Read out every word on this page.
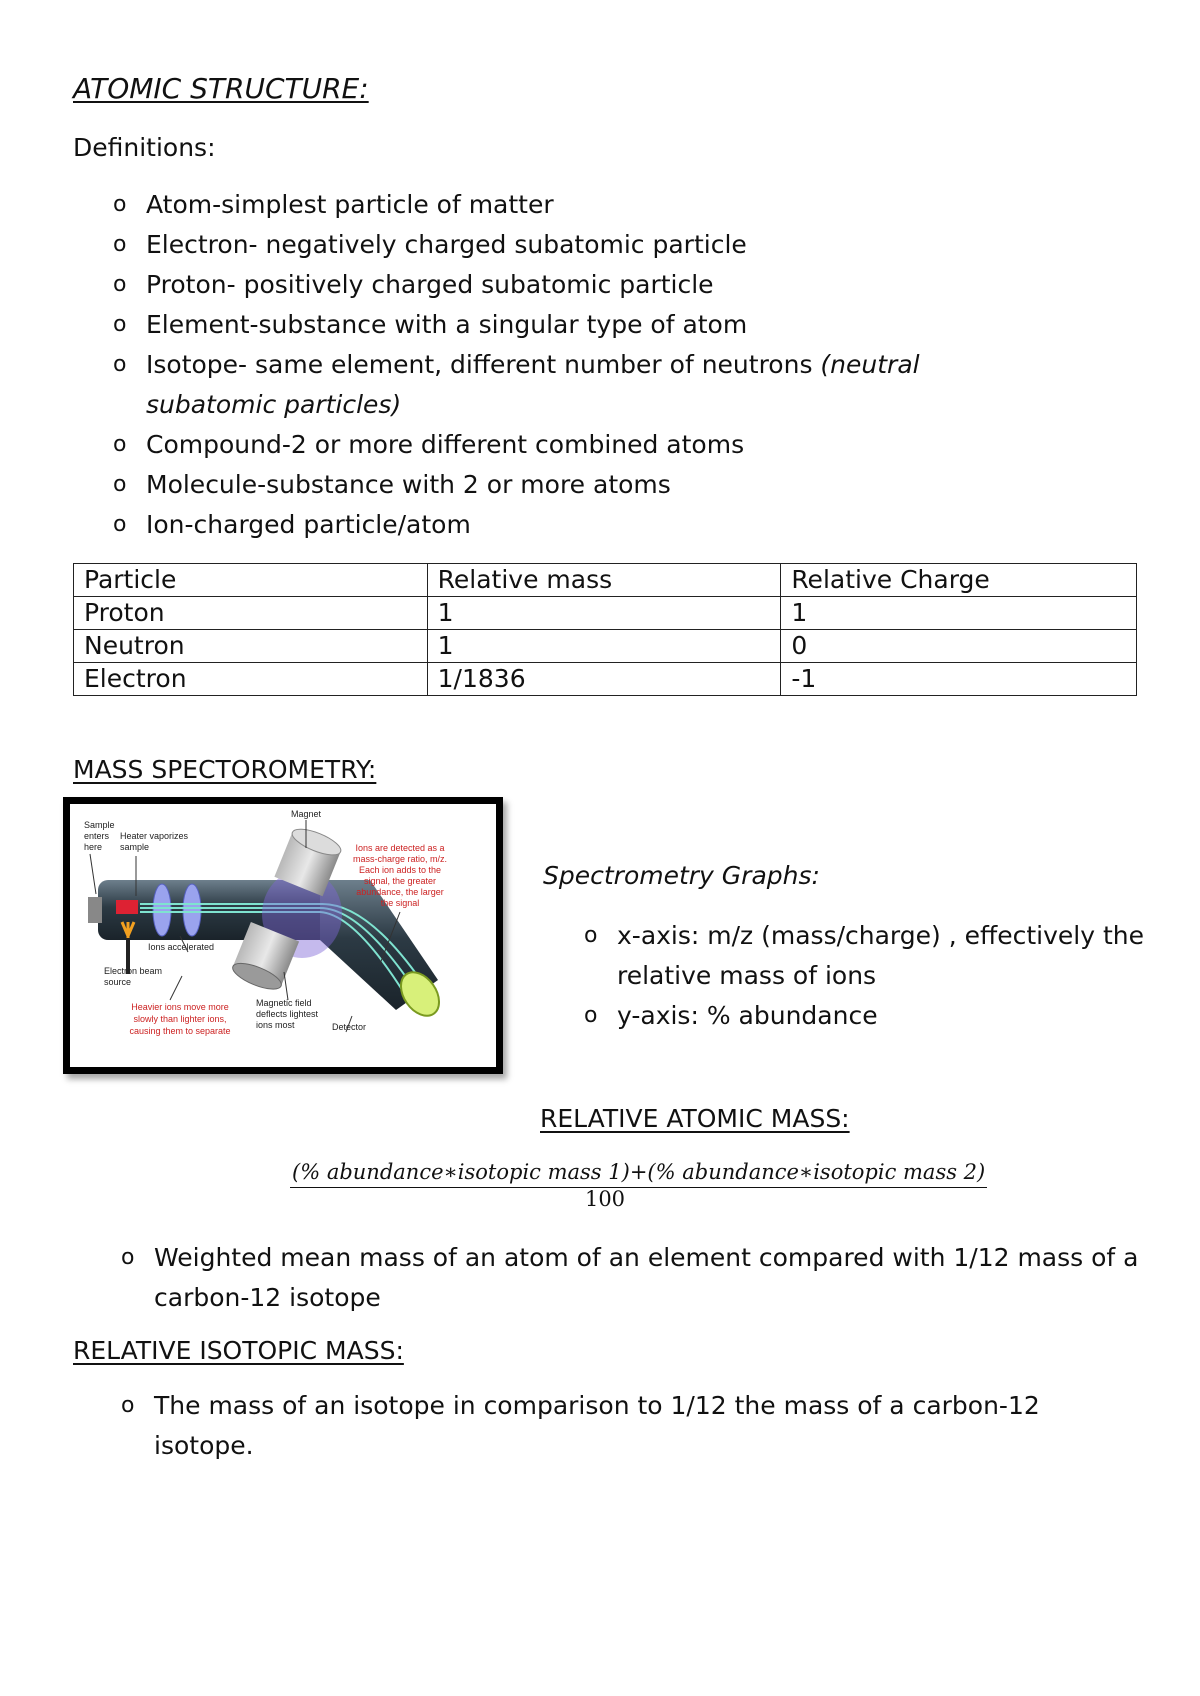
ATOMIC STRUCTURE:
Definitions:
o Atom-simplest particle of matter
o Electron- negatively charged subatomic particle
o Proton- positively charged subatomic particle
o Element-substance with a singular type of atom
o Isotope- same element, different number of neutrons (neutral subatomic particles)
o Compound-2 or more different combined atoms
o Molecule-substance with 2 or more atoms
o Ion-charged particle/atom
Particle	Relative mass	Relative Charge
Proton	1	1
Neutron	1	0
Electron	1/1836	-1
MASS SPECTOROMETRY:
Magnet
Sample
enters
here
Heater vaporizes
sample
Ions accelerated
Electron beam
source
Magnetic field
deflects lightest
ions most	Detector
Ions are detected as a
mass-charge ratio, m/z.
Each ion adds to the
signal, the greater
abundance, the larger
the signal
Heavier ions move more
slowly than lighter ions,
causing them to separate
Spectrometry Graphs:
o x-axis: m/z (mass/charge) , effectively the relative mass of ions
o y-axis: % abundance
RELATIVE ATOMIC MASS:
(% abundance∗isotopic mass 1)+(% abundance∗isotopic mass 2)
100
o Weighted mean mass of an atom of an element compared with 1/12 mass of a carbon-12 isotope
RELATIVE ISOTOPIC MASS:
o The mass of an isotope in comparison to 1/12 the mass of a carbon-12 isotope.
